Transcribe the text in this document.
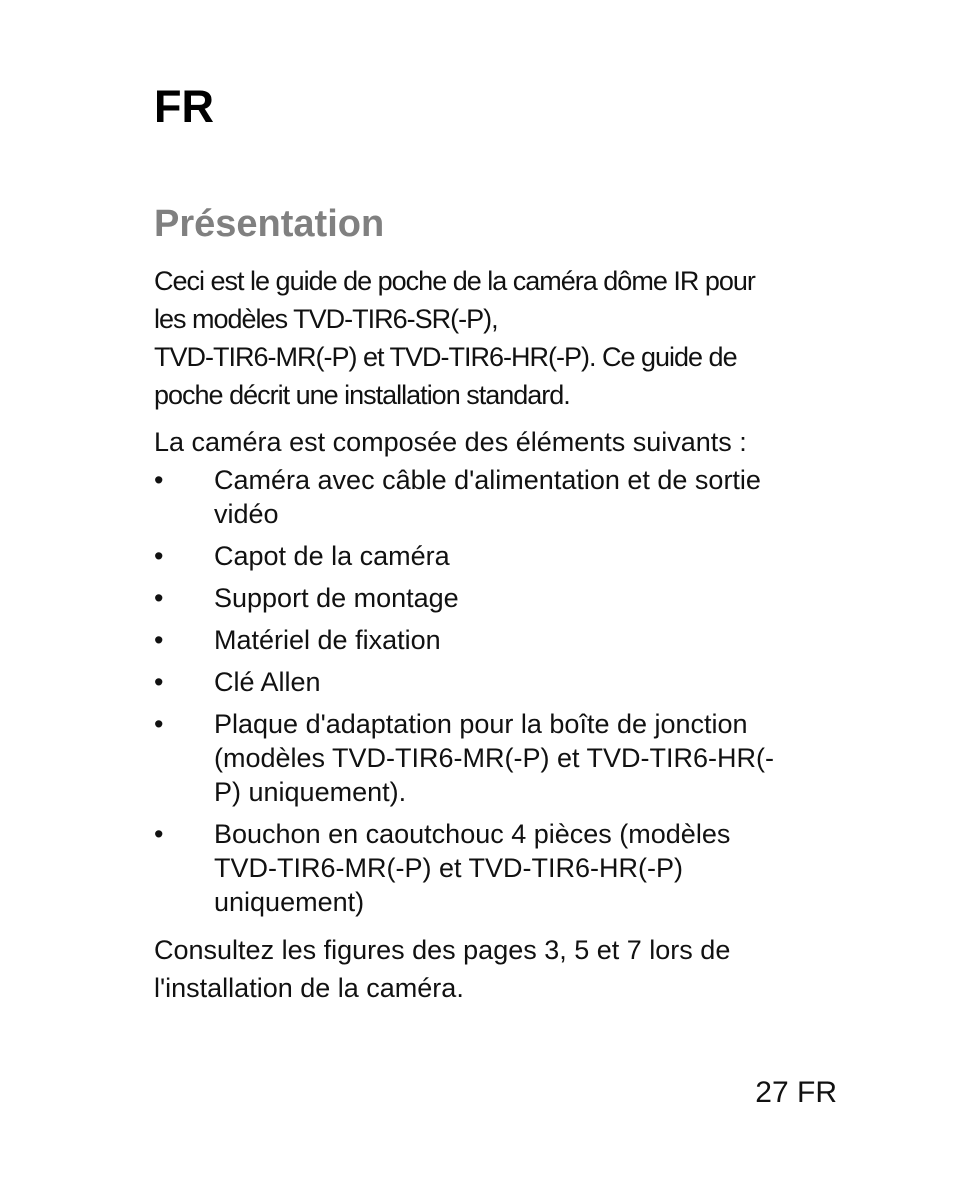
FR
Présentation

Ceci est le guide de poche de la caméra dôme IR pour
les modèles TVD-TIR6-SR(-P),
TVD-TIR6-MR(-P) et TVD-TIR6-HR(-P). Ce guide de
poche décrit une installation standard.

La caméra est composée des éléments suivants :

• Caméra avec câble d'alimentation et de sortie
vidéo
• Capot de la caméra
• Support de montage
• Matériel de fixation
• Clé Allen
• Plaque d'adaptation pour la boîte de jonction
(modèles TVD-TIR6-MR(-P) et TVD-TIR6-HR(-
P) uniquement).
• Bouchon en caoutchouc 4 pièces (modèles
TVD-TIR6-MR(-P) et TVD-TIR6-HR(-P)
uniquement)

Consultez les figures des pages 3, 5 et 7 lors de
l'installation de la caméra.

27 FR
